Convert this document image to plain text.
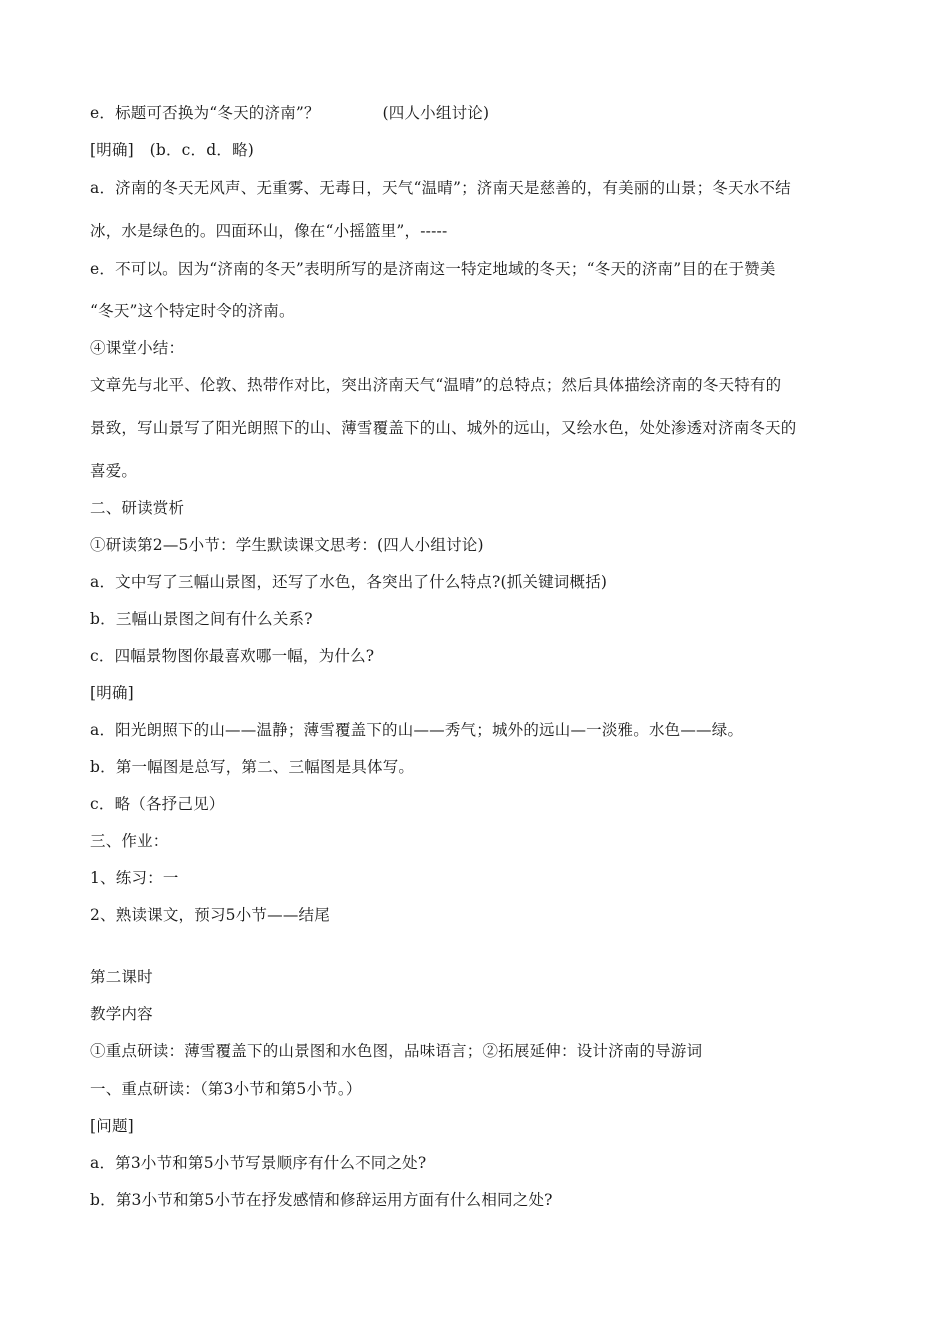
e．标题可否换为“冬天的济南”？　　　　(四人小组讨论)
[明确]　(b．c．d．略)
a．济南的冬天无风声、无重雾、无毒日，天气“温晴”；济南天是慈善的，有美丽的山景；冬天水不结
冰，水是绿色的。四面环山，像在“小摇篮里”，-----
e．不可以。因为“济南的冬天”表明所写的是济南这一特定地域的冬天；“冬天的济南”目的在于赞美
“冬天”这个特定时令的济南。
④课堂小结：
文章先与北平、伦敦、热带作对比，突出济南天气“温晴”的总特点；然后具体描绘济南的冬天特有的
景致，写山景写了阳光朗照下的山、薄雪覆盖下的山、城外的远山，又绘水色，处处渗透对济南冬天的
喜爱。
二、研读赏析
①研读第2—5小节：学生默读课文思考：(四人小组讨论)
a．文中写了三幅山景图，还写了水色，各突出了什么特点?(抓关键词概括)
b．三幅山景图之间有什么关系?
c．四幅景物图你最喜欢哪一幅，为什么?
[明确]
a．阳光朗照下的山——温静；薄雪覆盖下的山——秀气；城外的远山—一淡雅。水色——绿。
b．第一幅图是总写，第二、三幅图是具体写。
c．略（各抒己见）
三、作业：
1、练习：一
2、熟读课文，预习5小节——结尾
第二课时
教学内容
①重点研读：薄雪覆盖下的山景图和水色图，品味语言；②拓展延伸：设计济南的导游词
一、重点研读：（第3小节和第5小节。）
[问题]
a．第3小节和第5小节写景顺序有什么不同之处?
b．第3小节和第5小节在抒发感情和修辞运用方面有什么相同之处?
